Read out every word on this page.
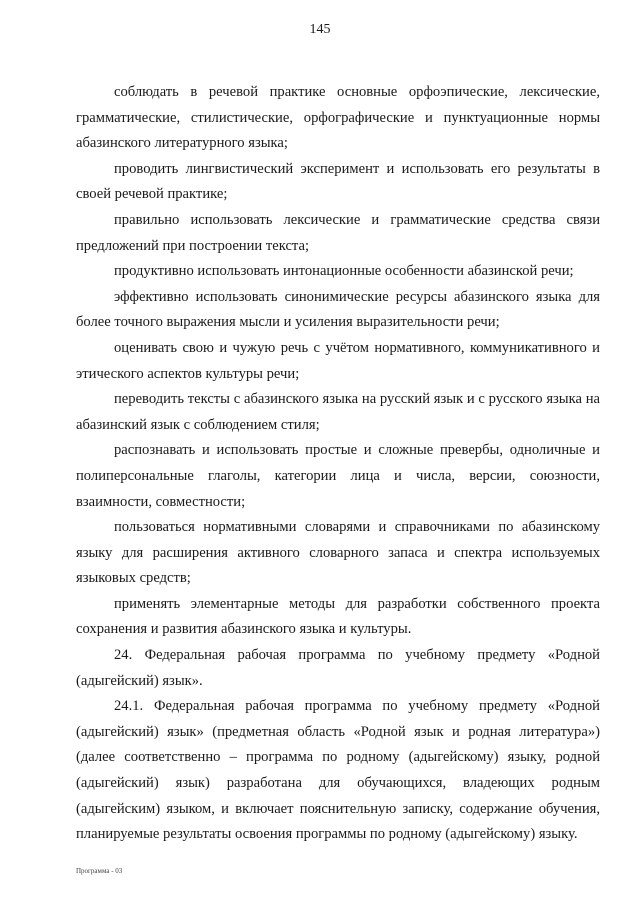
145

соблюдать в речевой практике основные орфоэпические, лексические, грамматические, стилистические, орфографические и пунктуационные нормы абазинского литературного языка;

проводить лингвистический эксперимент и использовать его результаты в своей речевой практике;

правильно использовать лексические и грамматические средства связи предложений при построении текста;

продуктивно использовать интонационные особенности абазинской речи;

эффективно использовать синонимические ресурсы абазинского языка для более точного выражения мысли и усиления выразительности речи;

оценивать свою и чужую речь с учётом нормативного, коммуникативного и этического аспектов культуры речи;

переводить тексты с абазинского языка на русский язык и с русского языка на абазинский язык с соблюдением стиля;

распознавать и использовать простые и сложные превербы, одноличные и полиперсональные глаголы, категории лица и числа, версии, союзности, взаимности, совместности;

пользоваться нормативными словарями и справочниками по абазинскому языку для расширения активного словарного запаса и спектра используемых языковых средств;

применять элементарные методы для разработки собственного проекта сохранения и развития абазинского языка и культуры.

24. Федеральная рабочая программа по учебному предмету «Родной (адыгейский) язык».

24.1. Федеральная рабочая программа по учебному предмету «Родной (адыгейский) язык» (предметная область «Родной язык и родная литература») (далее соответственно – программа по родному (адыгейскому) языку, родной (адыгейский) язык) разработана для обучающихся, владеющих родным (адыгейским) языком, и включает пояснительную записку, содержание обучения, планируемые результаты освоения программы по родному (адыгейскому) языку.

Программа - 03
